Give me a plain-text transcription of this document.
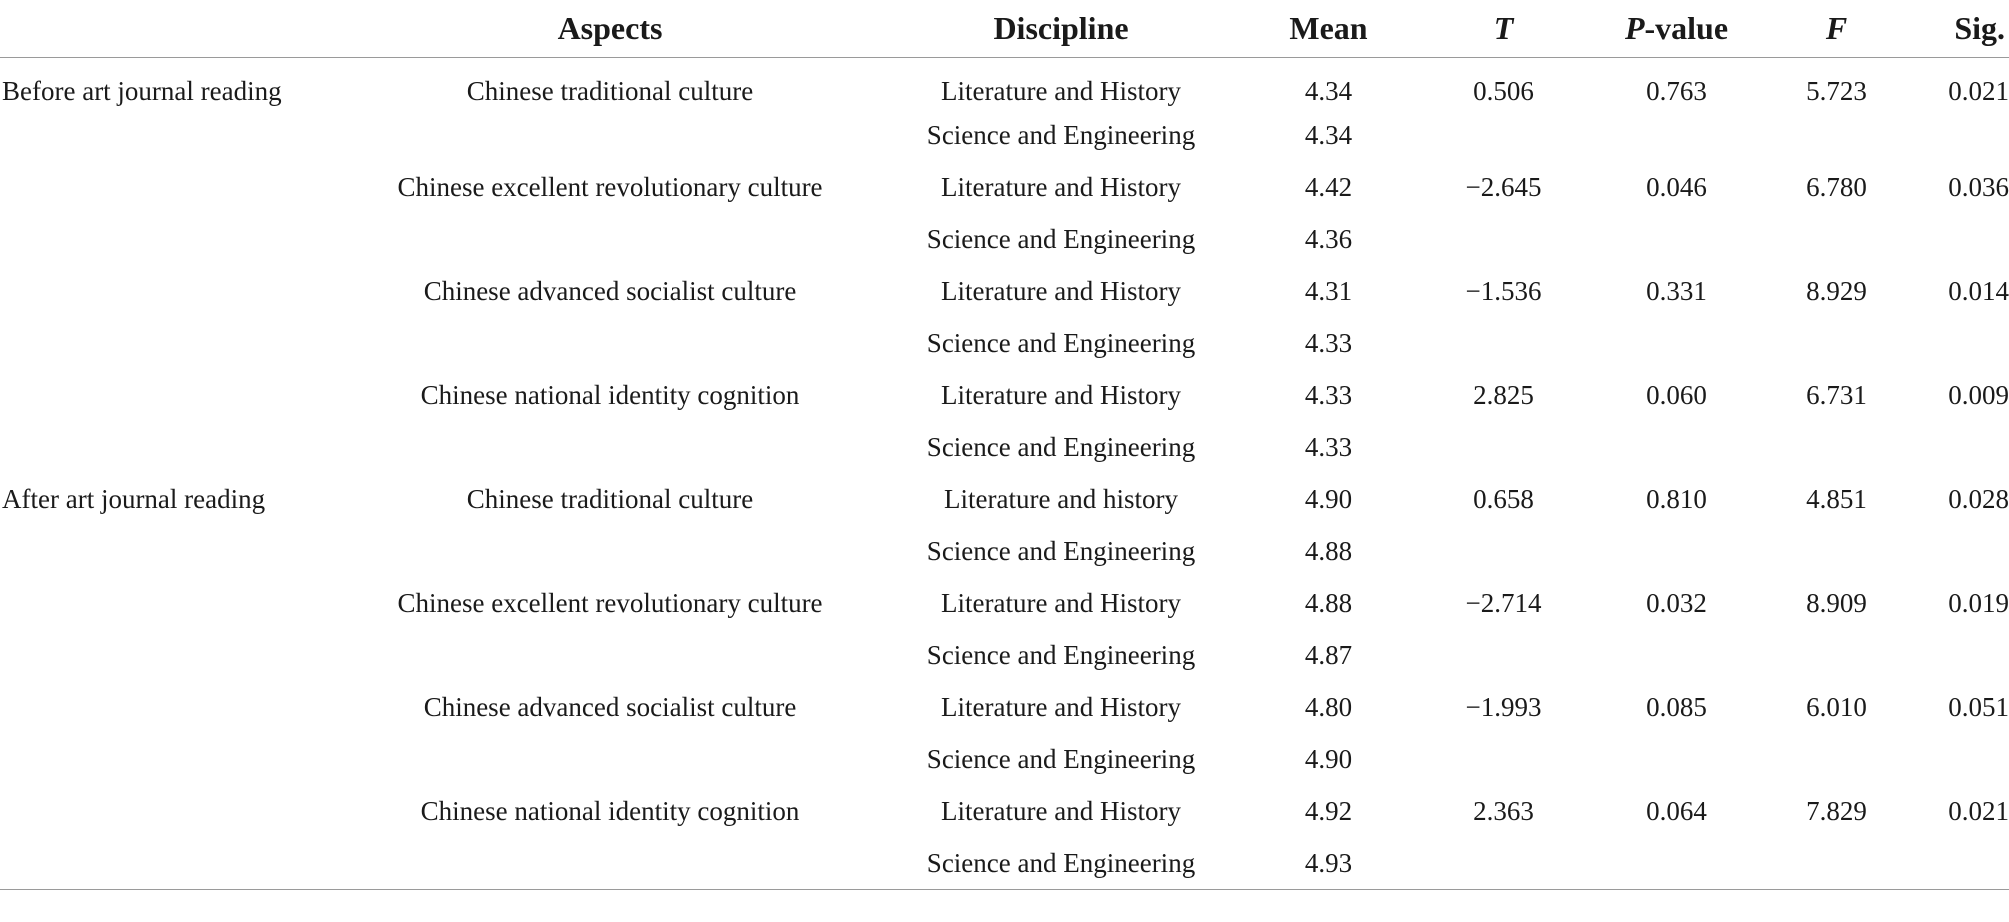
	Aspects	Discipline	Mean	T	P-value	F	Sig.
Before art journal reading	Chinese traditional culture	Literature and History	4.34	0.506	0.763	5.723	0.021
		Science and Engineering	4.34				
	Chinese excellent revolutionary culture	Literature and History	4.42	−2.645	0.046	6.780	0.036
		Science and Engineering	4.36				
	Chinese advanced socialist culture	Literature and History	4.31	−1.536	0.331	8.929	0.014
		Science and Engineering	4.33				
	Chinese national identity cognition	Literature and History	4.33	2.825	0.060	6.731	0.009
		Science and Engineering	4.33				
After art journal reading	Chinese traditional culture	Literature and history	4.90	0.658	0.810	4.851	0.028
		Science and Engineering	4.88				
	Chinese excellent revolutionary culture	Literature and History	4.88	−2.714	0.032	8.909	0.019
		Science and Engineering	4.87				
	Chinese advanced socialist culture	Literature and History	4.80	−1.993	0.085	6.010	0.051
		Science and Engineering	4.90				
	Chinese national identity cognition	Literature and History	4.92	2.363	0.064	7.829	0.021
		Science and Engineering	4.93				
